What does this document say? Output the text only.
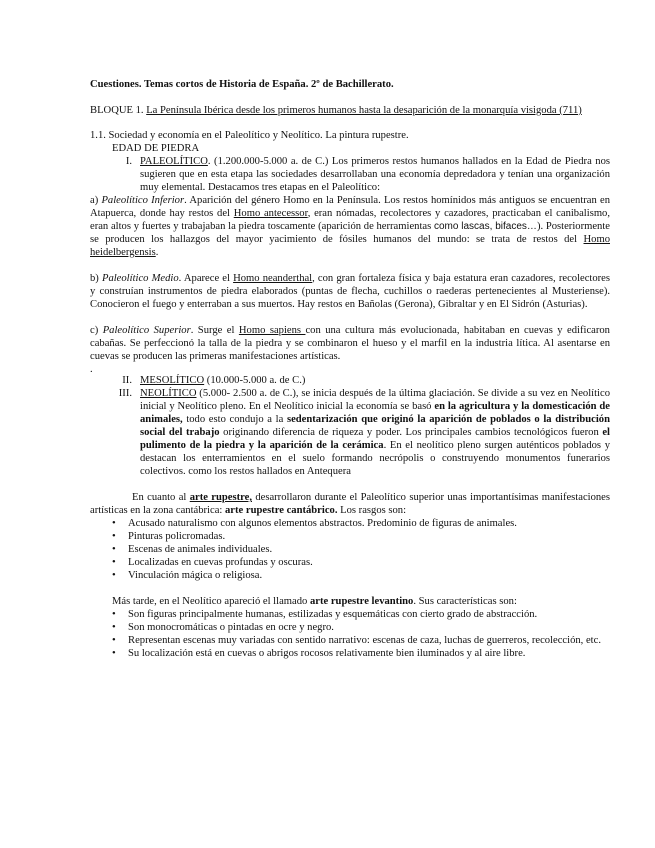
Cuestiones. Temas cortos de Historia de España. 2º de Bachillerato.

BLOQUE 1. La Península Ibérica desde los primeros humanos hasta la desaparición de la monarquía visigoda (711)

1.1. Sociedad y economía en el Paleolítico y Neolítico. La pintura rupestre.

EDAD DE PIEDRA

I. PALEOLÍTICO. (1.200.000-5.000 a. de C.) Los primeros restos humanos hallados en la Edad de Piedra nos sugieren que en esta etapa las sociedades desarrollaban una economía depredadora y tenían una organización muy elemental. Destacamos tres etapas en el Paleolítico:

a) Paleolítico Inferior. Aparición del género Homo en la Península. Los restos homínidos más antiguos se encuentran en Atapuerca, donde hay restos del Homo antecessor, eran nómadas, recolectores y cazadores, practicaban el canibalismo, eran altos y fuertes y trabajaban la piedra toscamente (aparición de herramientas como lascas, bifaces…). Posteriormente se producen los hallazgos del mayor yacimiento de fósiles humanos del mundo: se trata de restos del Homo heidelbergensis.

b) Paleolítico Medio. Aparece el Homo neanderthal, con gran fortaleza física y baja estatura eran cazadores, recolectores y construían instrumentos de piedra elaborados (puntas de flecha, cuchillos o raederas pertenecientes al Musteriense). Conocieron el fuego y enterraban a sus muertos. Hay restos en Bañolas (Gerona), Gibraltar y en El Sidrón (Asturias).

c) Paleolítico Superior. Surge el Homo sapiens con una cultura más evolucionada, habitaban en cuevas y edificaron cabañas. Se perfeccionó la talla de la piedra y se combinaron el hueso y el marfil en la industria lítica. Al asentarse en cuevas se producen las primeras manifestaciones artísticas.

.

II. MESOLÍTICO (10.000-5.000 a. de C.)

III. NEOLÍTICO (5.000- 2.500 a. de C.), se inicia después de la última glaciación. Se divide a su vez en Neolítico inicial y Neolítico pleno. En el Neolítico inicial la economía se basó en la agricultura y la domesticación de animales, todo esto condujo a la sedentarización que originó la aparición de poblados o la distribución social del trabajo originando diferencia de riqueza y poder. Los principales cambios tecnológicos fueron el pulimento de la piedra y la aparición de la cerámica. En el neolítico pleno surgen auténticos poblados y destacan los enterramientos en el suelo formando necrópolis o construyendo monumentos funerarios colectivos. como los restos hallados en Antequera

En cuanto al arte rupestre, desarrollaron durante el Paleolítico superior unas importantísimas manifestaciones artísticas en la zona cantábrica: arte rupestre cantábrico. Los rasgos son:

• Acusado naturalismo con algunos elementos abstractos. Predominio de figuras de animales.
• Pinturas policromadas.
• Escenas de animales individuales.
• Localizadas en cuevas profundas y oscuras.
• Vinculación mágica o religiosa.

Más tarde, en el Neolítico apareció el llamado arte rupestre levantino. Sus características son:

• Son figuras principalmente humanas, estilizadas y esquemáticas con cierto grado de abstracción.
• Son monocromáticas o pintadas en ocre y negro.
• Representan escenas muy variadas con sentido narrativo: escenas de caza, luchas de guerreros, recolección, etc.
• Su localización está en cuevas o abrigos rocosos relativamente bien iluminados y al aire libre.
